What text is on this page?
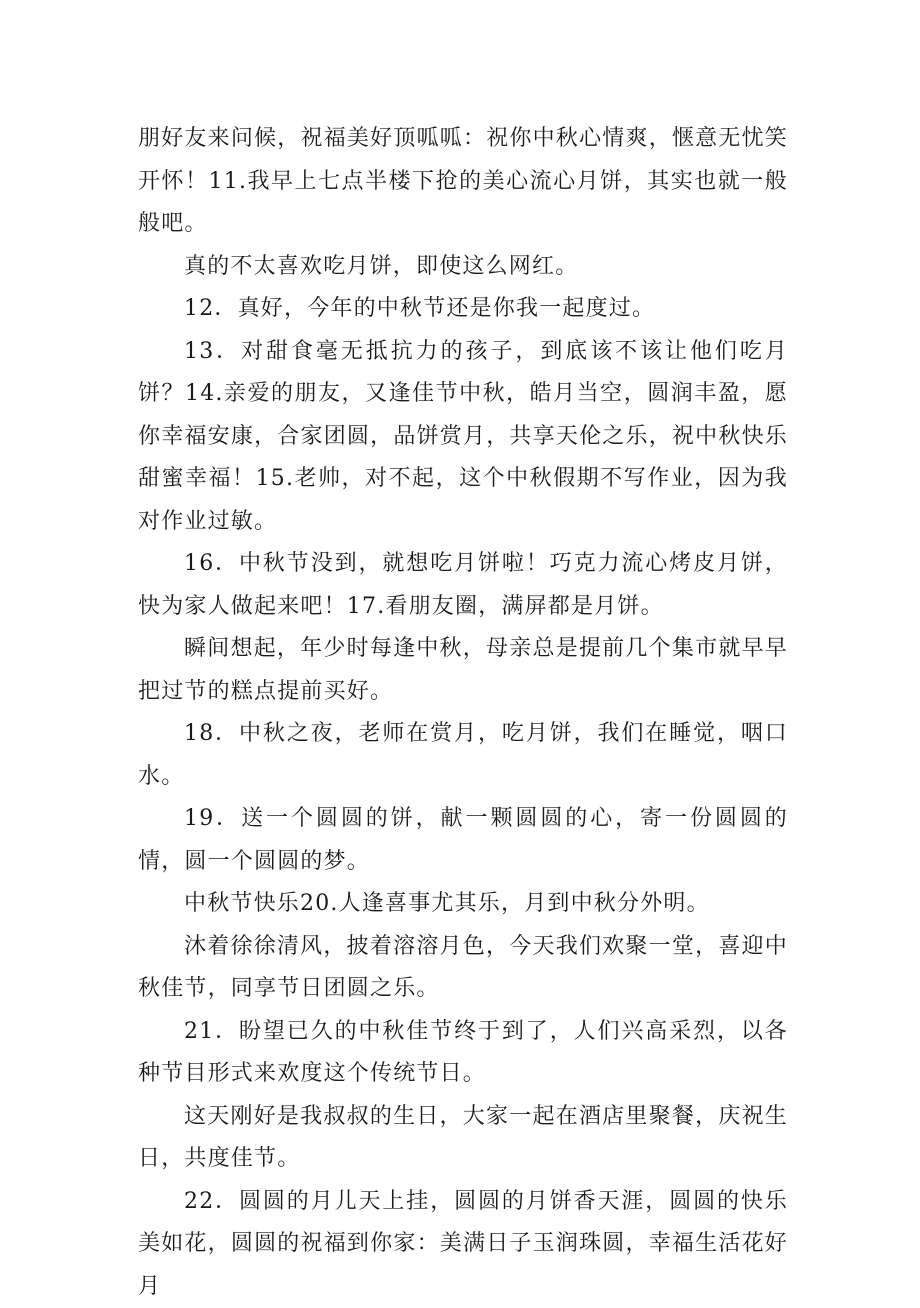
朋好友来问候，祝福美好顶呱呱：祝你中秋心情爽，惬意无忧笑开怀！11.我早上七点半楼下抢的美心流心月饼，其实也就一般般吧。

真的不太喜欢吃月饼，即使这么网红。

12．真好，今年的中秋节还是你我一起度过。

13．对甜食毫无抵抗力的孩子，到底该不该让他们吃月饼？14.亲爱的朋友，又逢佳节中秋，皓月当空，圆润丰盈，愿你幸福安康，合家团圆，品饼赏月，共享天伦之乐，祝中秋快乐甜蜜幸福！15.老帅，对不起，这个中秋假期不写作业，因为我对作业过敏。

16．中秋节没到，就想吃月饼啦！巧克力流心烤皮月饼，快为家人做起来吧！17.看朋友圈，满屏都是月饼。

瞬间想起，年少时每逢中秋，母亲总是提前几个集市就早早把过节的糕点提前买好。

18．中秋之夜，老师在赏月，吃月饼，我们在睡觉，咽口水。

19．送一个圆圆的饼，献一颗圆圆的心，寄一份圆圆的情，圆一个圆圆的梦。

中秋节快乐20.人逢喜事尤其乐，月到中秋分外明。

沐着徐徐清风，披着溶溶月色，今天我们欢聚一堂，喜迎中秋佳节，同享节日团圆之乐。

21．盼望已久的中秋佳节终于到了，人们兴高采烈，以各种节目形式来欢度这个传统节日。

这天刚好是我叔叔的生日，大家一起在酒店里聚餐，庆祝生日，共度佳节。

22．圆圆的月儿天上挂，圆圆的月饼香天涯，圆圆的快乐美如花，圆圆的祝福到你家：美满日子玉润珠圆，幸福生活花好月
